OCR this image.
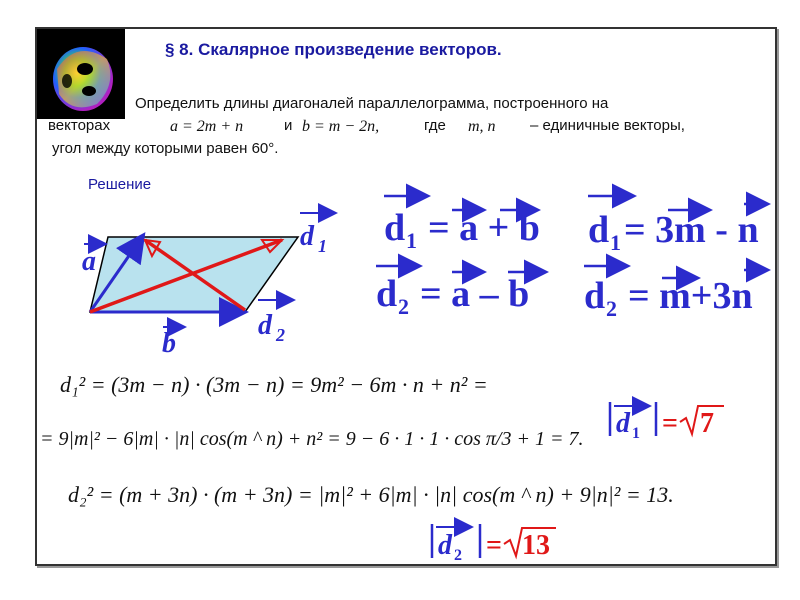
§ 8. Скалярное произведение векторов.
Определить длины диагоналей параллелограмма, построенного на
векторах	a = 2m + n	и b = m − 2n,	где m, n – единичные векторы,
угол между которыми равен 60°.
Решение
a
b
d 1
d 2
d 1 = a + b
d 2 = a – b
d 1 = 3m - n
d 2 = m+3n
d₁² = (3m − n) · (3m − n) = 9m² − 6m · n + n² =
= 9|m|² − 6|m| · |n| cos(m ^ n) + n² = 9 − 6 · 1 · 1 · cos π/3 + 1 = 7.
d₂² = (m + 3n) · (m + 3n) = |m|² + 6|m| · |n| cos(m ^ n) + 9|n|² = 13.
d 1 = 7
d 2 = 13
